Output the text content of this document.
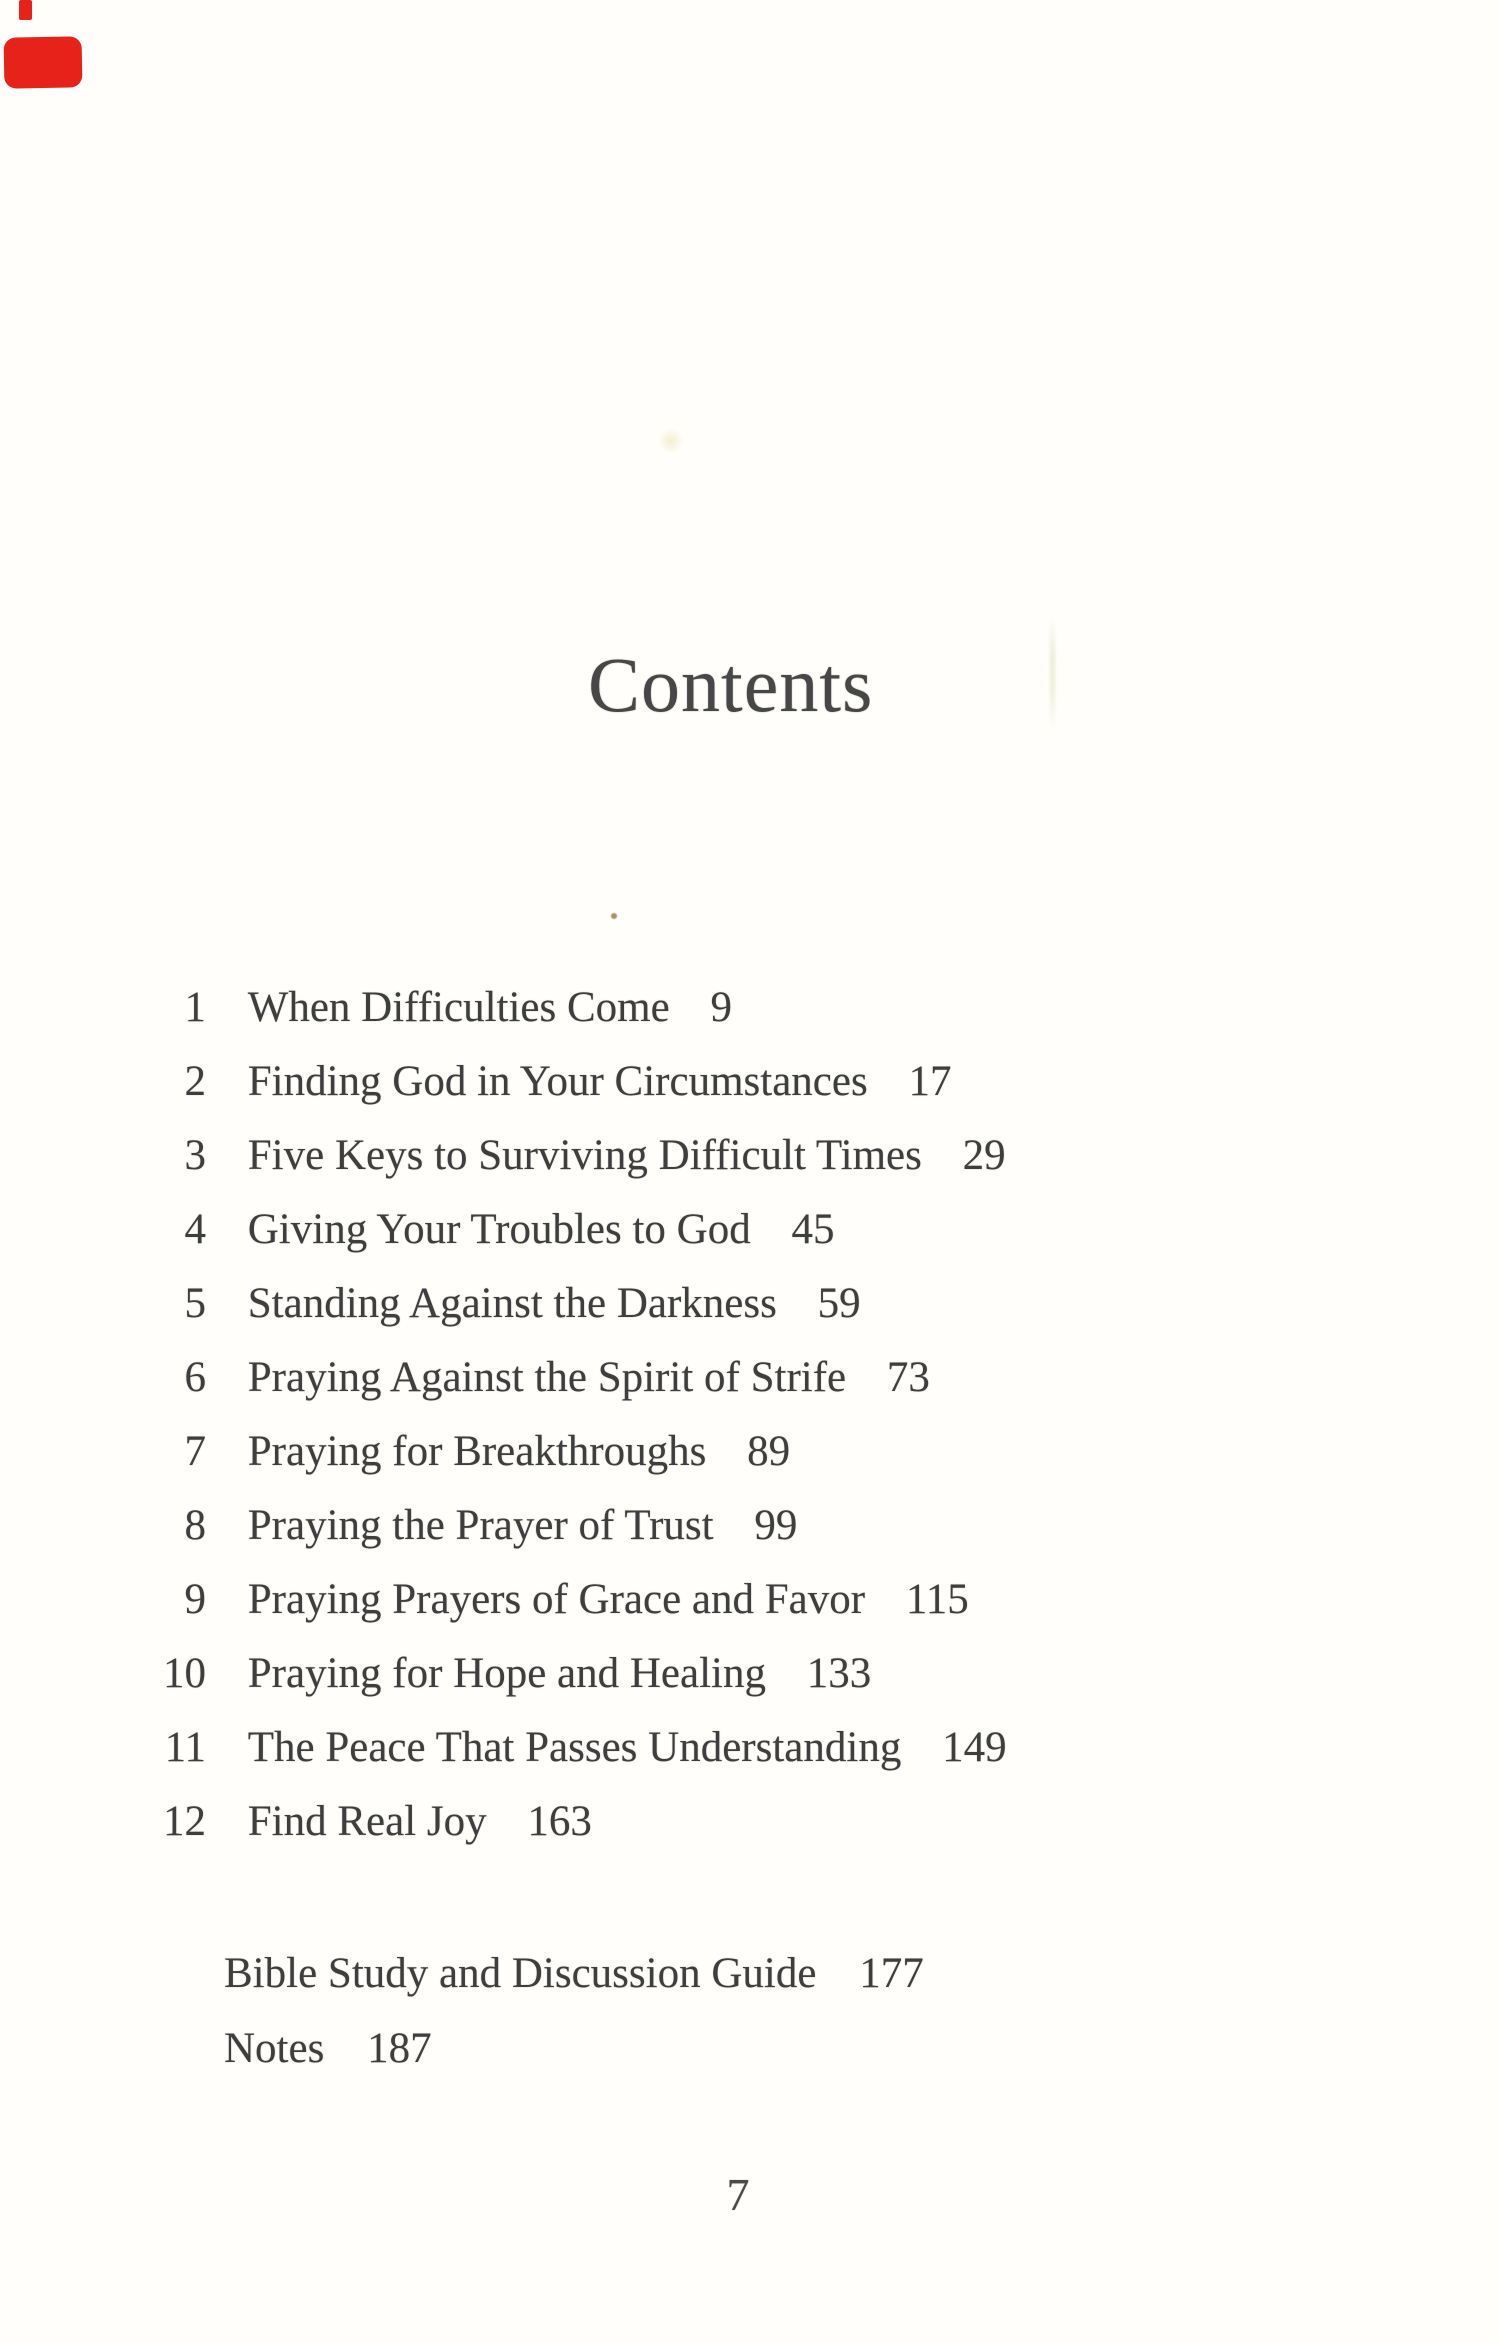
Contents
1 When Difficulties Come 9
2 Finding God in Your Circumstances 17
3 Five Keys to Surviving Difficult Times 29
4 Giving Your Troubles to God 45
5 Standing Against the Darkness 59
6 Praying Against the Spirit of Strife 73
7 Praying for Breakthroughs 89
8 Praying the Prayer of Trust 99
9 Praying Prayers of Grace and Favor 115
10 Praying for Hope and Healing 133
11 The Peace That Passes Understanding 149
12 Find Real Joy 163
Bible Study and Discussion Guide 177
Notes 187
7
